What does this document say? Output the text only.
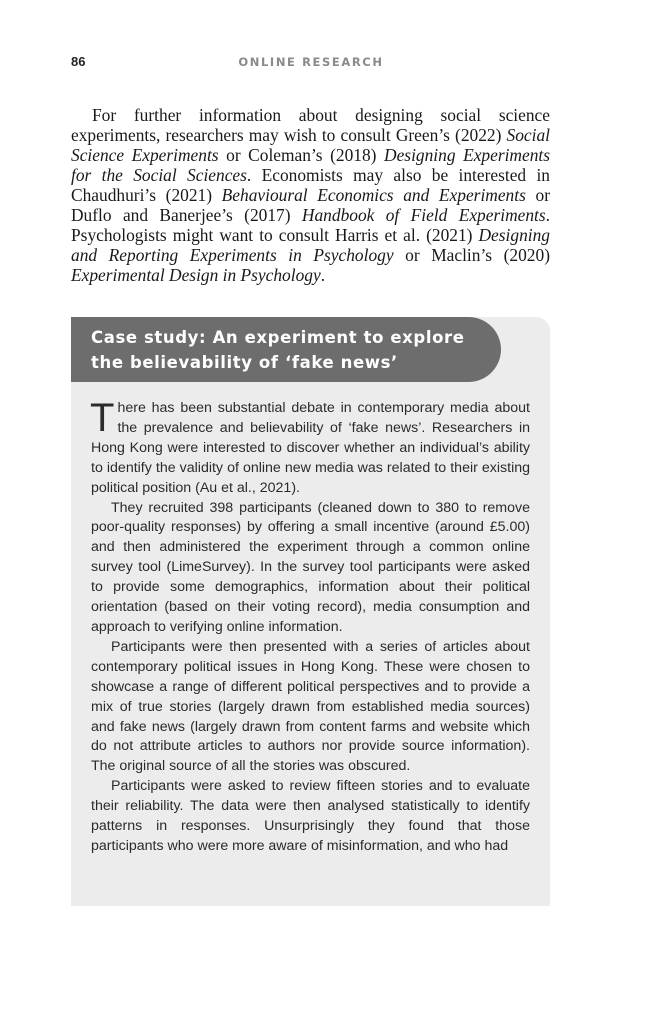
86	ONLINE RESEARCH

For further information about designing social science experiments, researchers may wish to consult Green’s (2022) Social Science Experiments or Coleman’s (2018) Designing Experiments for the Social Sciences. Economists may also be interested in Chaudhuri’s (2021) Behavioural Economics and Experiments or Duflo and Banerjee’s (2017) Handbook of Field Experiments. Psychologists might want to consult Harris et al. (2021) Designing and Reporting Experiments in Psychology or Maclin’s (2020) Experimental Design in Psychology.

Case study: An experiment to explore
the believability of ‘fake news’

There has been substantial debate in contemporary media about the prevalence and believability of ‘fake news’. Researchers in Hong Kong were interested to discover whether an individual’s ability to identify the validity of online new media was related to their existing political position (Au et al., 2021).

They recruited 398 participants (cleaned down to 380 to remove poor-quality responses) by offering a small incentive (around £5.00) and then administered the experiment through a common online survey tool (LimeSurvey). In the survey tool participants were asked to provide some demographics, information about their political orientation (based on their voting record), media consumption and approach to verifying online information.

Participants were then presented with a series of articles about contemporary political issues in Hong Kong. These were chosen to showcase a range of different political perspectives and to provide a mix of true stories (largely drawn from established media sources) and fake news (largely drawn from content farms and website which do not attribute articles to authors nor provide source information). The original source of all the stories was obscured.

Participants were asked to review fifteen stories and to evaluate their reliability. The data were then analysed statistically to identify patterns in responses. Unsurprisingly they found that those participants who were more aware of misinformation, and who had
